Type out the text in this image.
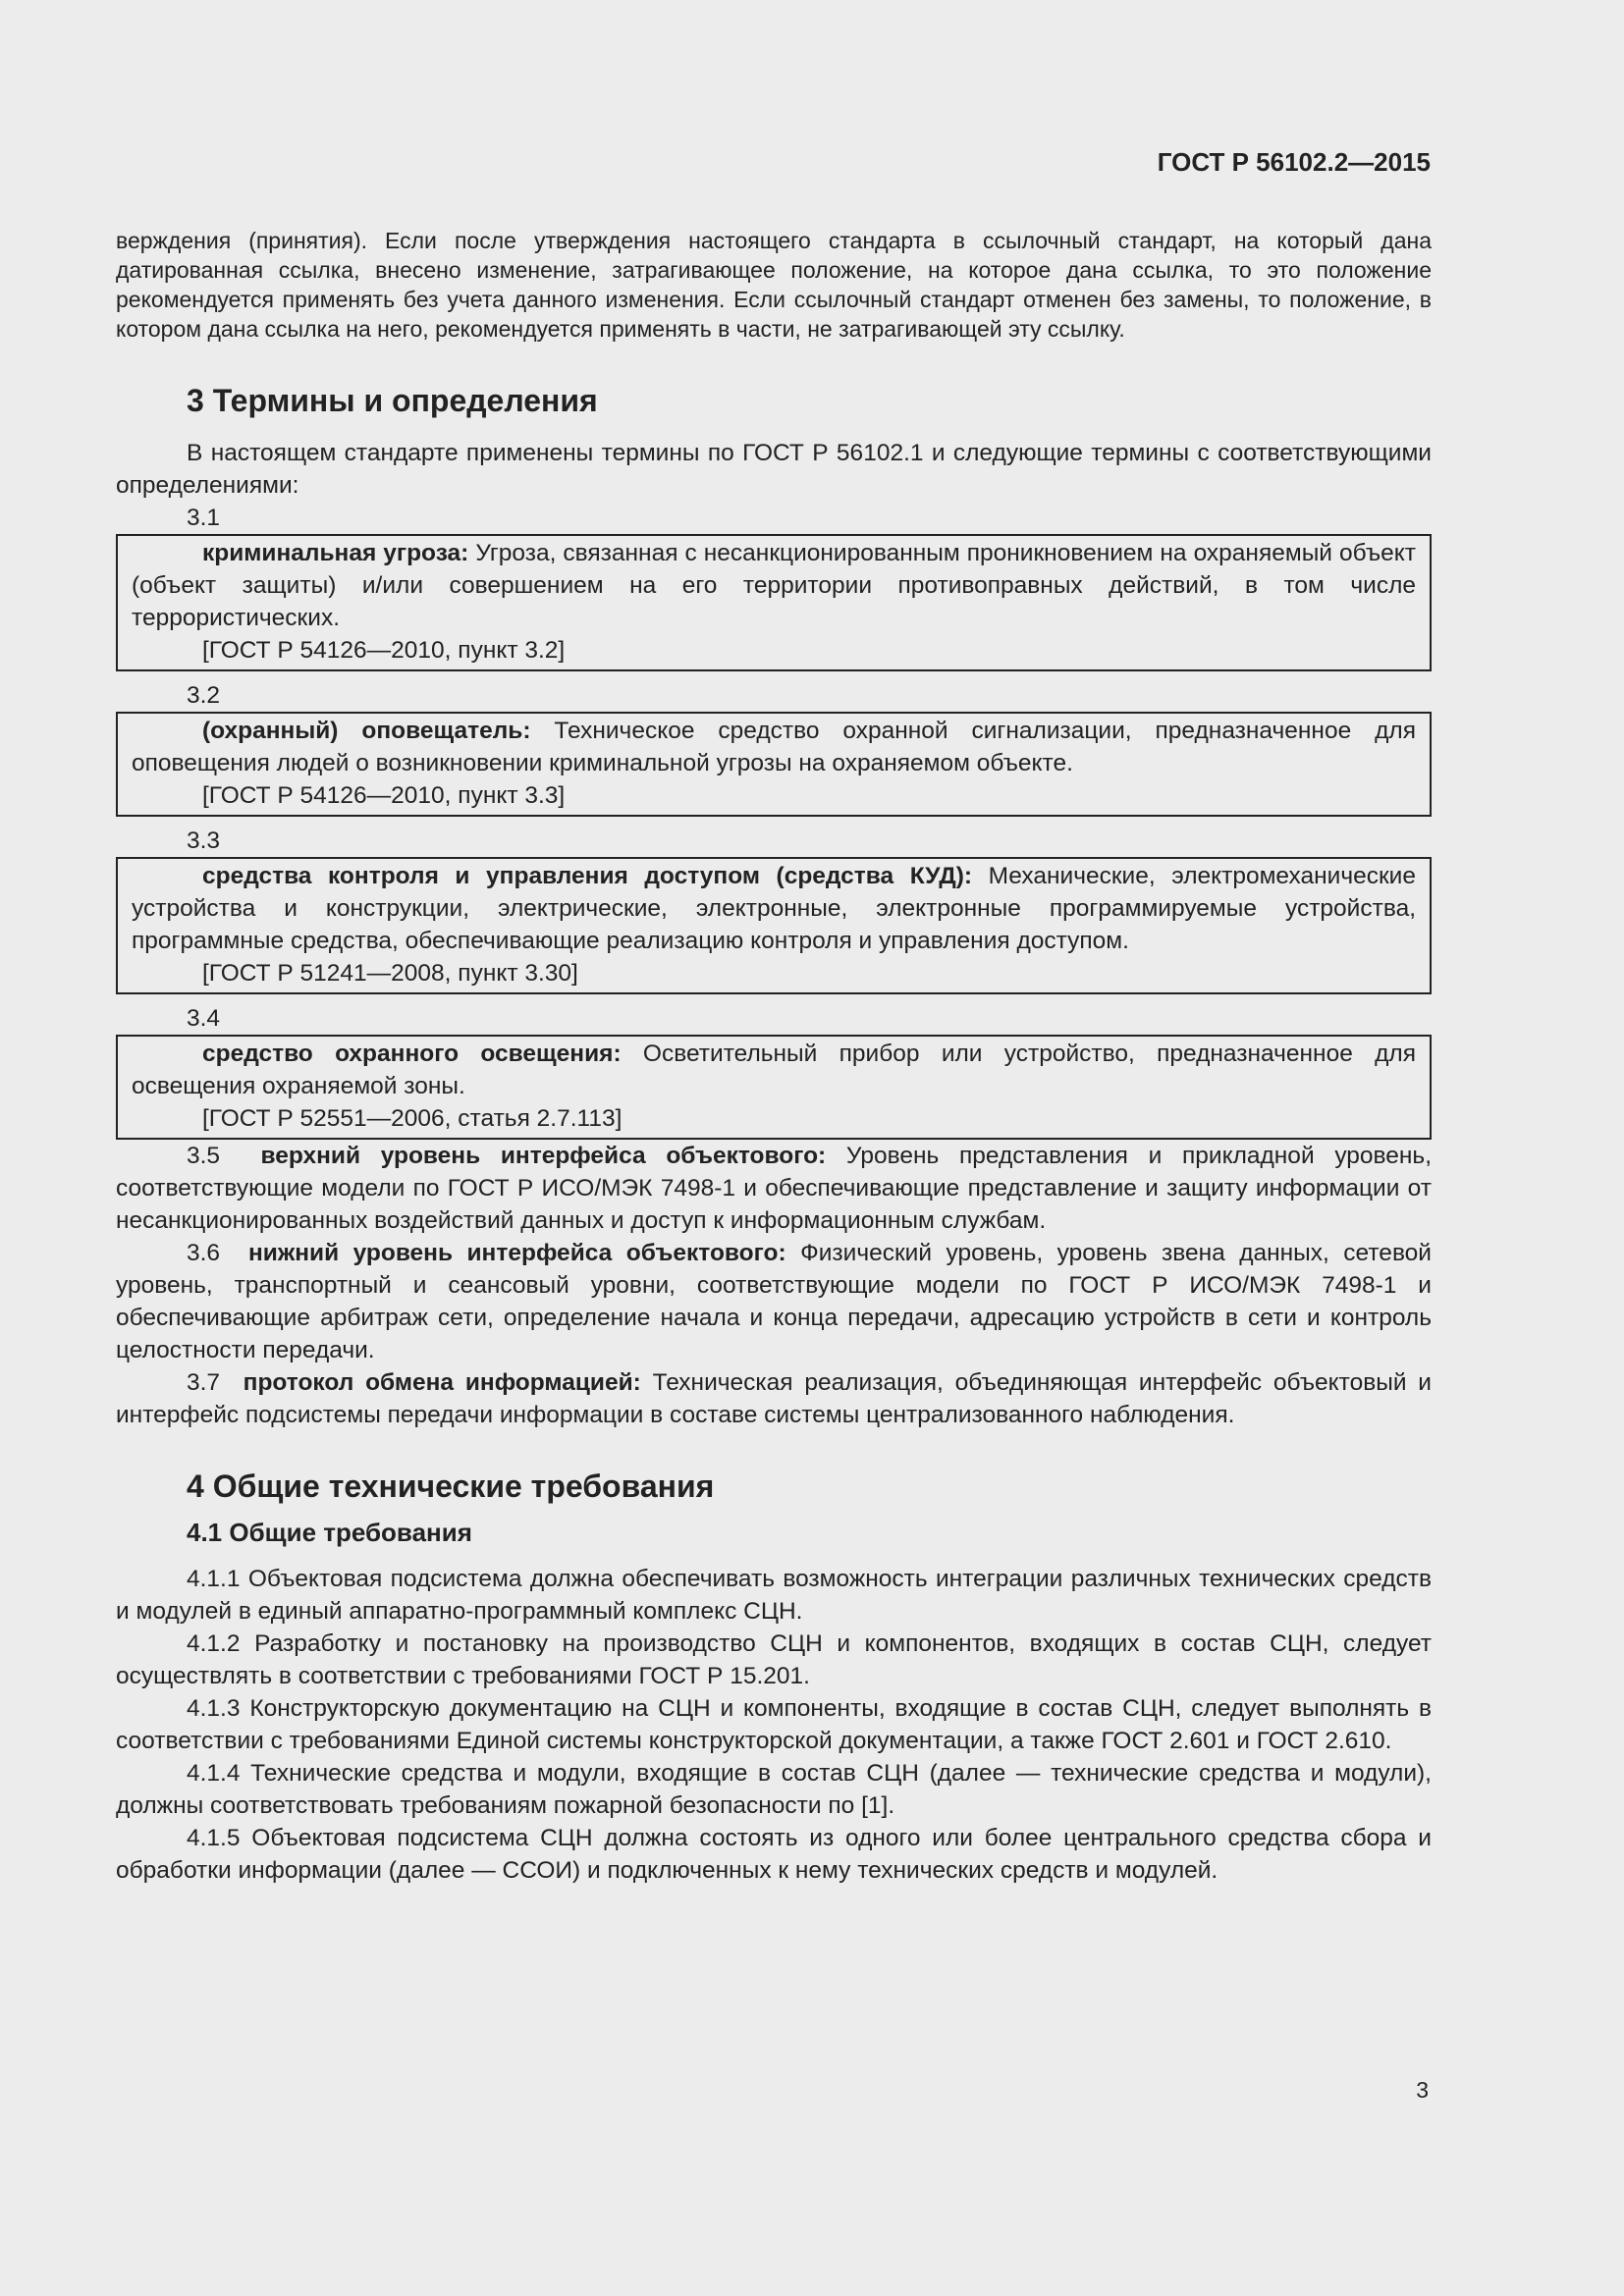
ГОСТ Р 56102.2—2015

верждения (принятия). Если после утверждения настоящего стандарта в ссылочный стандарт, на который дана датированная ссылка, внесено изменение, затрагивающее положение, на которое дана ссылка, то это положение рекомендуется применять без учета данного изменения. Если ссылочный стандарт отменен без замены, то положение, в котором дана ссылка на него, рекомендуется применять в части, не затрагивающей эту ссылку.

3 Термины и определения

В настоящем стандарте применены термины по ГОСТ Р 56102.1 и следующие термины с соответствующими определениями:

3.1

криминальная угроза: Угроза, связанная с несанкционированным проникновением на охраняемый объект (объект защиты) и/или совершением на его территории противоправных действий, в том числе террористических.

[ГОСТ Р 54126—2010, пункт 3.2]
3.2

(охранный) оповещатель: Техническое средство охранной сигнализации, предназначенное для оповещения людей о возникновении криминальной угрозы на охраняемом объекте.

[ГОСТ Р 54126—2010, пункт 3.3]
3.3

средства контроля и управления доступом (средства КУД): Механические, электромеханические устройства и конструкции, электрические, электронные, электронные программируемые устройства, программные средства, обеспечивающие реализацию контроля и управления доступом.

[ГОСТ Р 51241—2008, пункт 3.30]
3.4

средство охранного освещения: Осветительный прибор или устройство, предназначенное для освещения охраняемой зоны.

[ГОСТ Р 52551—2006, статья 2.7.113]

3.5 верхний уровень интерфейса объектового: Уровень представления и прикладной уровень, соответствующие модели по ГОСТ Р ИСО/МЭК 7498-1 и обеспечивающие представление и защиту информации от несанкционированных воздействий данных и доступ к информационным службам.

3.6 нижний уровень интерфейса объектового: Физический уровень, уровень звена данных, сетевой уровень, транспортный и сеансовый уровни, соответствующие модели по ГОСТ Р ИСО/МЭК 7498-1 и обеспечивающие арбитраж сети, определение начала и конца передачи, адресацию устройств в сети и контроль целостности передачи.

3.7 протокол обмена информацией: Техническая реализация, объединяющая интерфейс объектовый и интерфейс подсистемы передачи информации в составе системы централизованного наблюдения.

4 Общие технические требования
4.1 Общие требования

4.1.1 Объектовая подсистема должна обеспечивать возможность интеграции различных технических средств и модулей в единый аппаратно-программный комплекс СЦН.

4.1.2 Разработку и постановку на производство СЦН и компонентов, входящих в состав СЦН, следует осуществлять в соответствии с требованиями ГОСТ Р 15.201.

4.1.3 Конструкторскую документацию на СЦН и компоненты, входящие в состав СЦН, следует выполнять в соответствии с требованиями Единой системы конструкторской документации, а также ГОСТ 2.601 и ГОСТ 2.610.

4.1.4 Технические средства и модули, входящие в состав СЦН (далее — технические средства и модули), должны соответствовать требованиям пожарной безопасности по [1].

4.1.5 Объектовая подсистема СЦН должна состоять из одного или более центрального средства сбора и обработки информации (далее — ССОИ) и подключенных к нему технических средств и модулей.

3
